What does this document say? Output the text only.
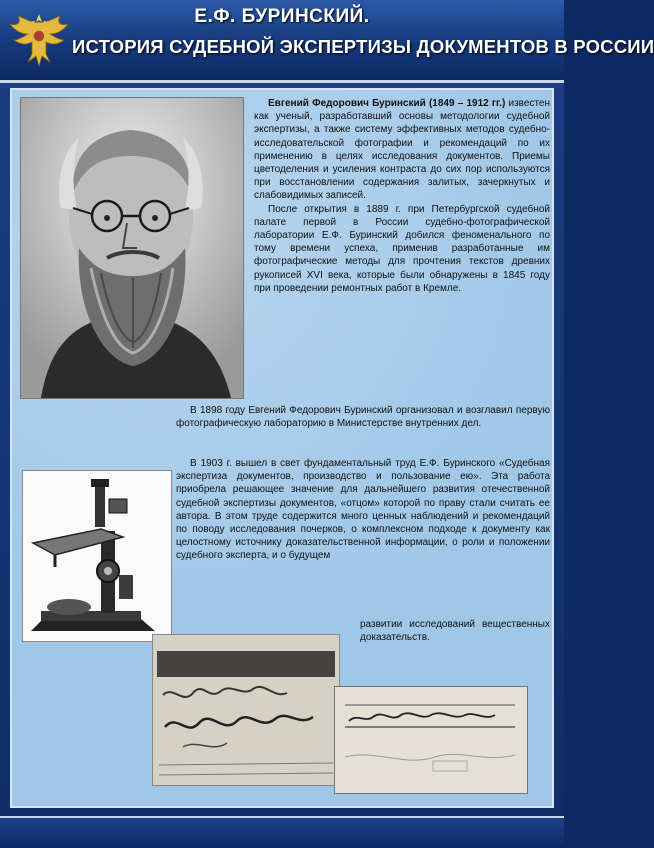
Е.Ф. БУРИНСКИЙ.
ИСТОРИЯ СУДЕБНОЙ ЭКСПЕРТИЗЫ ДОКУМЕНТОВ В РОССИИ

Евгений Федорович Буринский (1849 – 1912 гг.) известен как ученый, разработавший основы методологии судебной экспертизы, а также систему эффективных методов судебно-исследовательской фотографии и рекомендаций по их применению в целях исследования документов. Приемы цветоделения и усиления контраста до сих пор используются при восстановлении содержания залитых, зачеркнутых и слабовидимых записей.

После открытия в 1889 г. при Петербургской судебной палате первой в России судебно-фотографической лаборатории Е.Ф. Буринский добился феноменального по тому времени успеха, применив разработанные им фотографические методы для прочтения текстов древних рукописей XVI века, которые были обнаружены в 1845 году при проведении ремонтных работ в Кремле.

В 1898 году Евгений Федорович Буринский организовал и возглавил первую фотографическую лабораторию в Министерстве внутренних дел.

В 1903 г. вышел в свет фундаментальный труд Е.Ф. Буринского «Судебная экспертиза документов, производство и пользование ею». Эта работа приобрела решающее значение для дальнейшего развития отечественной судебной экспертизы документов, «отцом» которой по праву стали считать ее автора. В этом труде содержится много ценных наблюдений и рекомендаций по поводу исследования почерков, о комплексном подходе к документу как целостному источнику доказательственной информации, о роли и положении судебного эксперта, и о будущем

развитии исследований вещественных доказательств.
